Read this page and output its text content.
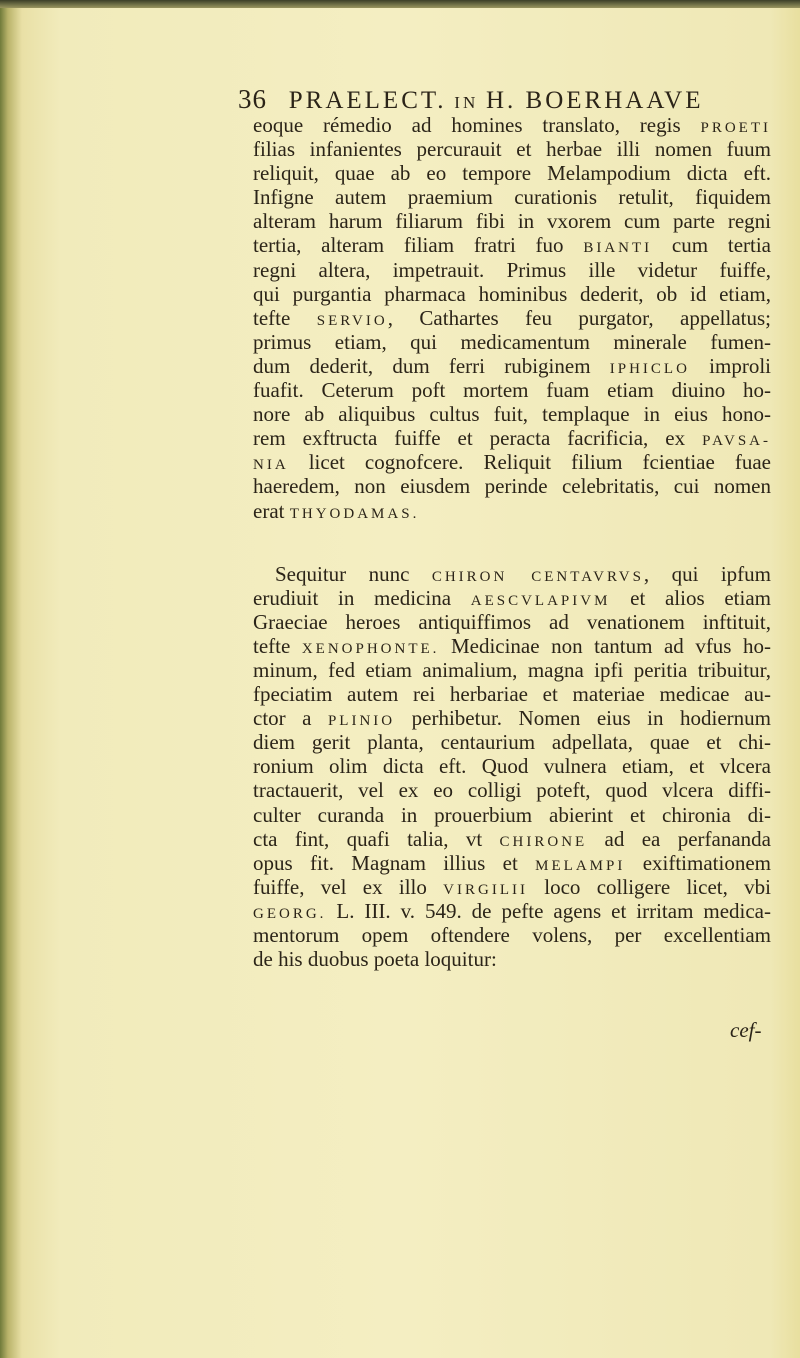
36 PRAELECT. IN H. BOERHAAVE
eoque rémedio ad homines translato, regis PROETI
filias infanientes percurauit et herbae illi nomen fuum
reliquit, quae ab eo tempore Melampodium dicta eft.
Infigne autem praemium curationis retulit, fiquidem
alteram harum filiarum fibi in vxorem cum parte regni
tertia, alteram filiam fratri fuo BIANTI cum tertia
regni altera, impetrauit. Primus ille videtur fuiffe,
qui purgantia pharmaca hominibus dederit, ob id etiam,
tefte SERVIO, Cathartes feu purgator, appellatus;
primus etiam, qui medicamentum minerale fumen-
dum dederit, dum ferri rubiginem IPHICLO improli
fuafit. Ceterum poft mortem fuam etiam diuino ho-
nore ab aliquibus cultus fuit, templaque in eius hono-
rem exftructa fuiffe et peracta facrificia, ex PAVSA-
NIA licet cognofcere. Reliquit filium fcientiae fuae
haeredem, non eiusdem perinde celebritatis, cui nomen
erat THYODAMAS.
Sequitur nunc CHIRON CENTAVRVS, qui ipfum
erudiuit in medicina AESCVLAPIVM et alios etiam
Graeciae heroes antiquiffimos ad venationem inftituit,
tefte XENOPHONTE. Medicinae non tantum ad vfus ho-
minum, fed etiam animalium, magna ipfi peritia tribuitur,
fpeciatim autem rei herbariae et materiae medicae au-
ctor a PLINIO perhibetur. Nomen eius in hodiernum
diem gerit planta, centaurium adpellata, quae et chi-
ronium olim dicta eft. Quod vulnera etiam, et vlcera
tractauerit, vel ex eo colligi poteft, quod vlcera diffi-
culter curanda in prouerbium abierint et chironia di-
cta fint, quafi talia, vt CHIRONE ad ea perfananda
opus fit. Magnam illius et MELAMPI exiftimationem
fuiffe, vel ex illo VIRGILII loco colligere licet, vbi
GEORG. L. III. v. 549. de pefte agens et irritam medica-
mentorum opem oftendere volens, per excellentiam
de his duobus poeta loquitur:
cef-
